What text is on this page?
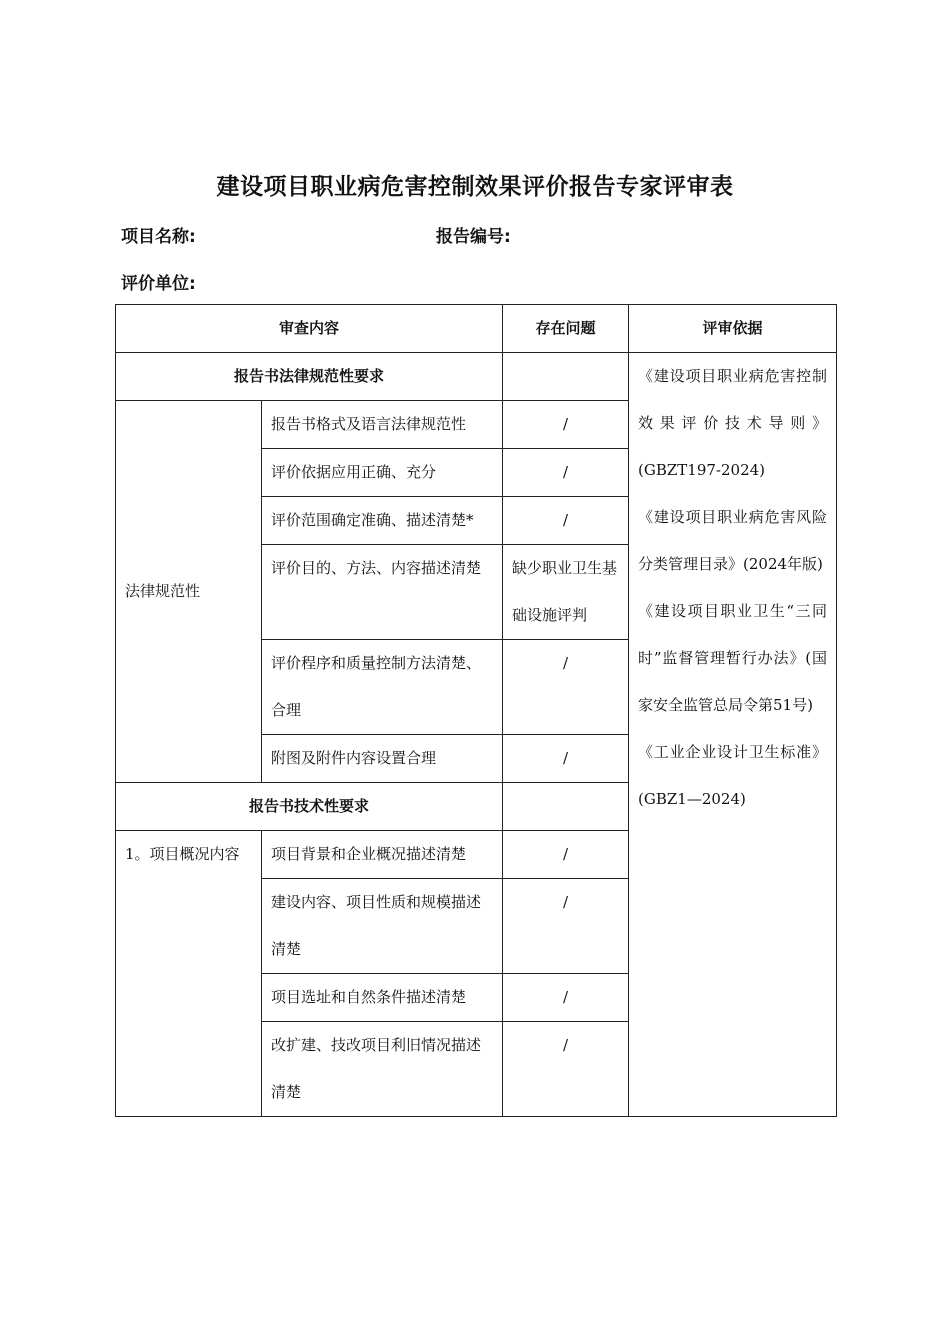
建设项目职业病危害控制效果评价报告专家评审表
项目名称:	报告编号:
评价单位:
审查内容		存在问题	评审依据
报告书法律规范性要求			《建设项目职业病危害控制效果评价技术导则》(GBZT197-2024)

《建设项目职业病危害风险分类管理目录》(2024年版)

《建设项目职业卫生“三同时”监督管理暂行办法》(国家安全监管总局令第51号)

《工业企业设计卫生标准》(GBZ1—2024)

法律规范性	报告书格式及语言法律规范性	/	
	评价依据应用正确、充分	/	
	评价范围确定准确、描述清楚*	/	
	评价目的、方法、内容描述清楚	缺少职业卫生基础设施评判	
	评价程序和质量控制方法清楚、合理	/	
	附图及附件内容设置合理	/	
报告书技术性要求			
1。项目概况内容	项目背景和企业概况描述清楚	/	
	建设内容、项目性质和规模描述清楚	/	
	项目选址和自然条件描述清楚	/	
	改扩建、技改项目利旧情况描述清楚	/	
